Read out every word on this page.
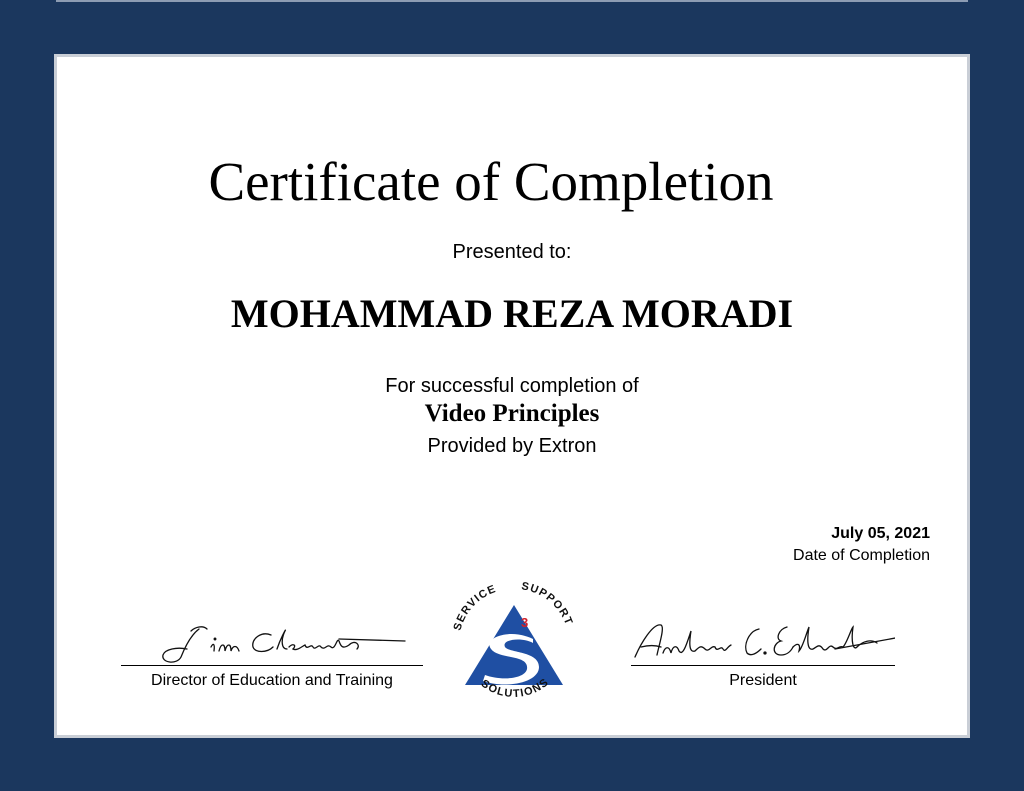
Certificate of Completion
Presented to:
MOHAMMAD REZA MORADI
For successful completion of
Video Principles
Provided by Extron
July 05, 2021
Date of Completion
Director of Education and Training	President
3
SERVICE SUPPORT
SOLUTIONS
